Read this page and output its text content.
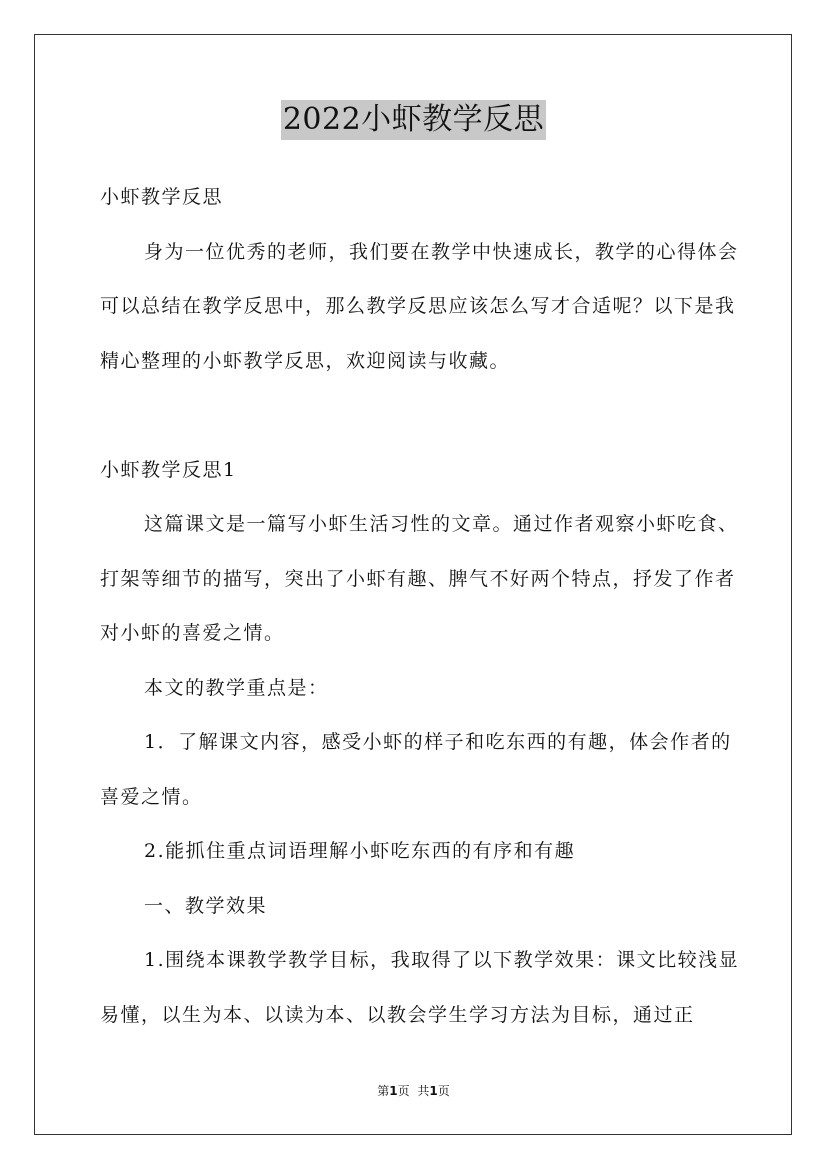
2022小虾教学反思

小虾教学反思

身为一位优秀的老师，我们要在教学中快速成长，教学的心得体会可以总结在教学反思中，那么教学反思应该怎么写才合适呢？以下是我精心整理的小虾教学反思，欢迎阅读与收藏。

小虾教学反思1

这篇课文是一篇写小虾生活习性的文章。通过作者观察小虾吃食、打架等细节的描写，突出了小虾有趣、脾气不好两个特点，抒发了作者对小虾的喜爱之情。

本文的教学重点是：

1．了解课文内容，感受小虾的样子和吃东西的有趣，体会作者的喜爱之情。

2.能抓住重点词语理解小虾吃东西的有序和有趣

一、教学效果

1.围绕本课教学教学目标，我取得了以下教学效果：课文比较浅显易懂，以生为本、以读为本、以教会学生学习方法为目标，通过正

第1页 共1页
